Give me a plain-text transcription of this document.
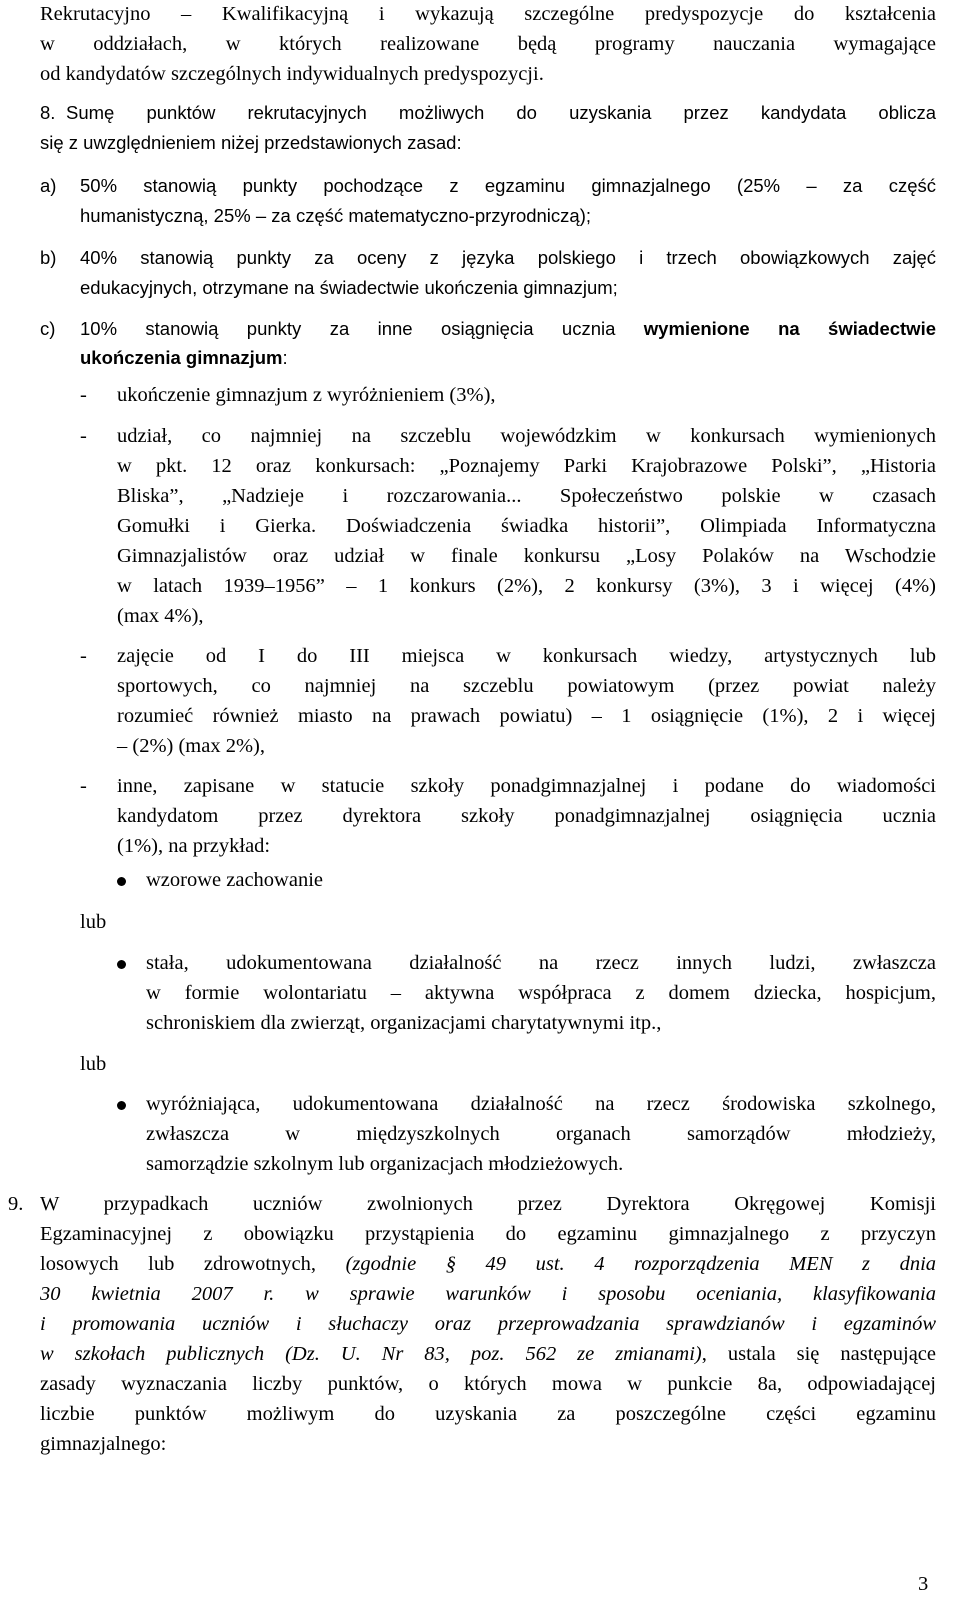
Rekrutacyjno – Kwalifikacyjną i wykazują szczególne predyspozycje do kształcenia
w oddziałach, w których realizowane będą programy nauczania wymagające
od kandydatów szczególnych indywidualnych predyspozycji.
8. Sumę punktów rekrutacyjnych możliwych do uzyskania przez kandydata oblicza
się z uwzględnieniem niżej przedstawionych zasad:
a) 50% stanowią punkty pochodzące z egzaminu gimnazjalnego (25% – za część
humanistyczną, 25% – za część matematyczno-przyrodniczą);
b) 40% stanowią punkty za oceny z języka polskiego i trzech obowiązkowych zajęć
edukacyjnych, otrzymane na świadectwie ukończenia gimnazjum;
c) 10% stanowią punkty za inne osiągnięcia ucznia wymienione na świadectwie
ukończenia gimnazjum:
- ukończenie gimnazjum z wyróżnieniem (3%),
- udział, co najmniej na szczeblu wojewódzkim w konkursach wymienionych
w pkt. 12 oraz konkursach: „Poznajemy Parki Krajobrazowe Polski”, „Historia
Bliska”, „Nadzieje i rozczarowania... Społeczeństwo polskie w czasach
Gomułki i Gierka. Doświadczenia świadka historii”, Olimpiada Informatyczna
Gimnazjalistów oraz udział w finale konkursu „Losy Polaków na Wschodzie
w latach 1939–1956” – 1 konkurs (2%), 2 konkursy (3%), 3 i więcej (4%)
(max 4%),
- zajęcie od I do III miejsca w konkursach wiedzy, artystycznych lub
sportowych, co najmniej na szczeblu powiatowym (przez powiat należy
rozumieć również miasto na prawach powiatu) – 1 osiągnięcie (1%), 2 i więcej
– (2%) (max 2%),
- inne, zapisane w statucie szkoły ponadgimnazjalnej i podane do wiadomości
kandydatom przez dyrektora szkoły ponadgimnazjalnej osiągnięcia ucznia
(1%), na przykład:
wzorowe zachowanie
lub
stała, udokumentowana działalność na rzecz innych ludzi, zwłaszcza
w formie wolontariatu – aktywna współpraca z domem dziecka, hospicjum,
schroniskiem dla zwierząt, organizacjami charytatywnymi itp.,
lub
wyróżniająca, udokumentowana działalność na rzecz środowiska szkolnego,
zwłaszcza w międzyszkolnych organach samorządów młodzieży,
samorządzie szkolnym lub organizacjach młodzieżowych.
9. W przypadkach uczniów zwolnionych przez Dyrektora Okręgowej Komisji
Egzaminacyjnej z obowiązku przystąpienia do egzaminu gimnazjalnego z przyczyn
losowych lub zdrowotnych, (zgodnie § 49 ust. 4 rozporządzenia MEN z dnia
30 kwietnia 2007 r. w sprawie warunków i sposobu oceniania, klasyfikowania
i promowania uczniów i słuchaczy oraz przeprowadzania sprawdzianów i egzaminów
w szkołach publicznych (Dz. U. Nr 83, poz. 562 ze zmianami), ustala się następujące
zasady wyznaczania liczby punktów, o których mowa w punkcie 8a, odpowiadającej
liczbie punktów możliwym do uzyskania za poszczególne części egzaminu
gimnazjalnego:
3
